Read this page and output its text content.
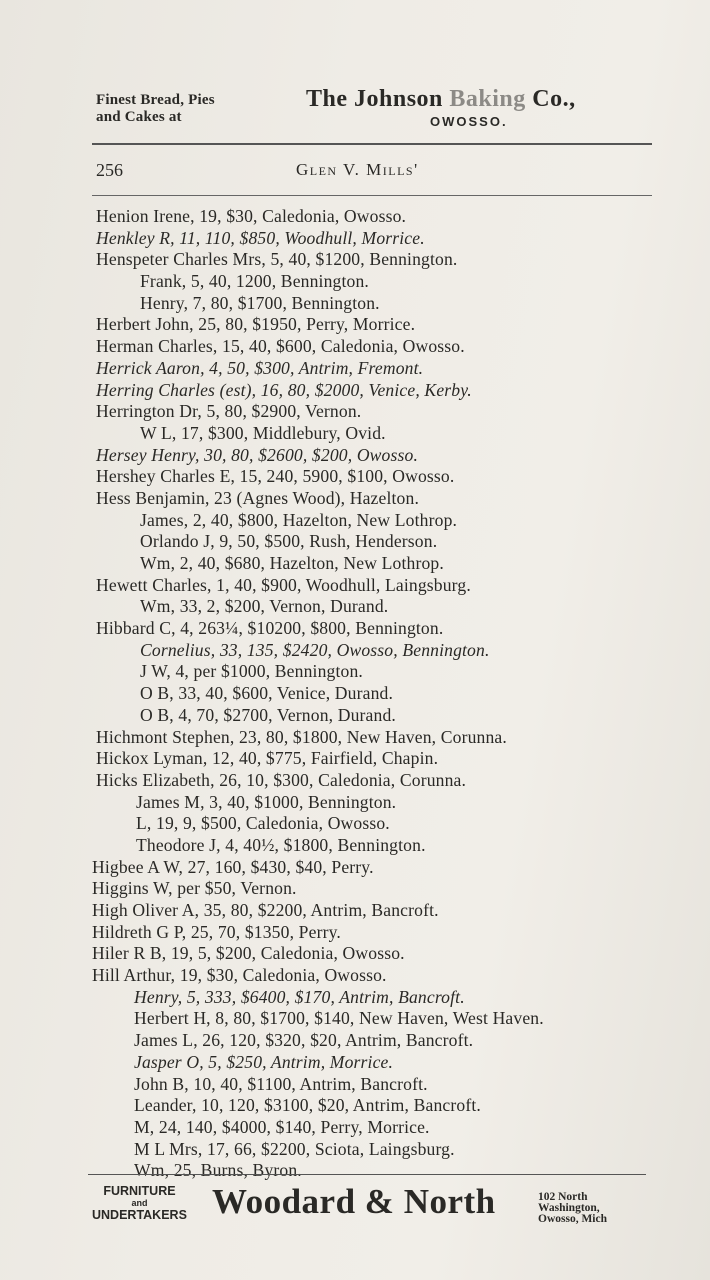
Finest Bread, Pies
and Cakes at
The Johnson Baking Co.,
OWOSSO.
256	Glen V. Mills'
Henion Irene, 19, $30, Caledonia, Owosso.
Henkley R, 11, 110, $850, Woodhull, Morrice.
Henspeter Charles Mrs, 5, 40, $1200, Bennington.
Frank, 5, 40, 1200, Bennington.
Henry, 7, 80, $1700, Bennington.
Herbert John, 25, 80, $1950, Perry, Morrice.
Herman Charles, 15, 40, $600, Caledonia, Owosso.
Herrick Aaron, 4, 50, $300, Antrim, Fremont.
Herring Charles (est), 16, 80, $2000, Venice, Kerby.
Herrington Dr, 5, 80, $2900, Vernon.
W L, 17, $300, Middlebury, Ovid.
Hersey Henry, 30, 80, $2600, $200, Owosso.
Hershey Charles E, 15, 240, 5900, $100, Owosso.
Hess Benjamin, 23 (Agnes Wood), Hazelton.
James, 2, 40, $800, Hazelton, New Lothrop.
Orlando J, 9, 50, $500, Rush, Henderson.
Wm, 2, 40, $680, Hazelton, New Lothrop.
Hewett Charles, 1, 40, $900, Woodhull, Laingsburg.
Wm, 33, 2, $200, Vernon, Durand.
Hibbard C, 4, 263¼, $10200, $800, Bennington.
Cornelius, 33, 135, $2420, Owosso, Bennington.
J W, 4, per $1000, Bennington.
O B, 33, 40, $600, Venice, Durand.
O B, 4, 70, $2700, Vernon, Durand.
Hichmont Stephen, 23, 80, $1800, New Haven, Corunna.
Hickox Lyman, 12, 40, $775, Fairfield, Chapin.
Hicks Elizabeth, 26, 10, $300, Caledonia, Corunna.
James M, 3, 40, $1000, Bennington.
L, 19, 9, $500, Caledonia, Owosso.
Theodore J, 4, 40½, $1800, Bennington.
Higbee A W, 27, 160, $430, $40, Perry.
Higgins W, per $50, Vernon.
High Oliver A, 35, 80, $2200, Antrim, Bancroft.
Hildreth G P, 25, 70, $1350, Perry.
Hiler R B, 19, 5, $200, Caledonia, Owosso.
Hill Arthur, 19, $30, Caledonia, Owosso.
Henry, 5, 333, $6400, $170, Antrim, Bancroft.
Herbert H, 8, 80, $1700, $140, New Haven, West Haven.
James L, 26, 120, $320, $20, Antrim, Bancroft.
Jasper O, 5, $250, Antrim, Morrice.
John B, 10, 40, $1100, Antrim, Bancroft.
Leander, 10, 120, $3100, $20, Antrim, Bancroft.
M, 24, 140, $4000, $140, Perry, Morrice.
M L Mrs, 17, 66, $2200, Sciota, Laingsburg.
Wm, 25, Burns, Byron.
FURNITURE
and
UNDERTAKERS Woodard & North	102 North
Washington,
Owosso, Mich
